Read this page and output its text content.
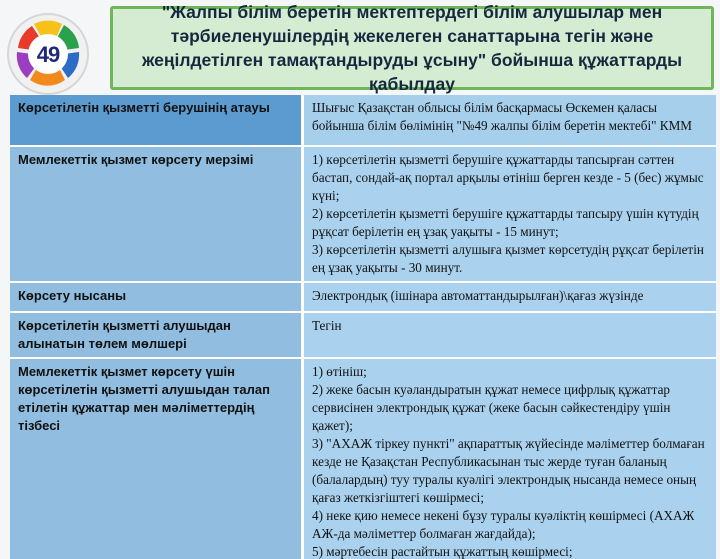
49
"Жалпы білім беретін мектептердегі білім алушылар мен тәрбиеленушілердің жекелеген санаттарына тегін және жеңілдетілген тамақтандыруды ұсыну" бойынша құжаттарды қабылдау
Көрсетілетін қызметті берушінің атауы	Шығыс Қазақстан облысы білім басқармасы Өскемен қаласы бойынша білім бөлімінің "№49 жалпы білім беретін мектебі" КММ

Мемлекеттік қызмет көрсету мерзімі	1) көрсетілетін қызметті берушіге құжаттарды тапсырған сәттен бастап, сондай-ақ портал арқылы өтініш берген кезде - 5 (бес) жұмыс күні;

2) көрсетілетін қызметті берушіге құжаттарды тапсыру үшін күтудің рұқсат берілетін ең ұзақ уақыты - 15 минут;

3) көрсетілетін қызметті алушыға қызмет көрсетудің рұқсат берілетін ең ұзақ уақыты - 30 минут.

Көрсету нысаны	Электрондық (ішінара автоматтандырылған)\қағаз жүзінде

Көрсетілетін қызметті алушыдан алынатын төлем мөлшері	Тегін

Мемлекеттік қызмет көрсету үшін көрсетілетін қызметті алушыдан талап етілетін құжаттар мен мәліметтердің тізбесі	1) өтініш;

2) жеке басын куәландыратын құжат немесе цифрлық құжаттар сервисінен электрондық құжат (жеке басын сәйкестендіру үшін қажет);

3) "АХАЖ тіркеу пункті" ақпараттық жүйесінде мәліметтер болмаған кезде не Қазақстан Республикасынан тыс жерде туған баланың (балалардың) туу туралы куәлігі электрондық нысанда немесе оның қағаз жеткізгіштегі көшірмесі;

4) неке қию немесе некені бұзу туралы куәліктің көшірмесі (АХАЖ АЖ-да мәліметтер болмаған жағдайда);

5) мәртебесін растайтын құжаттың көшірмесі;
